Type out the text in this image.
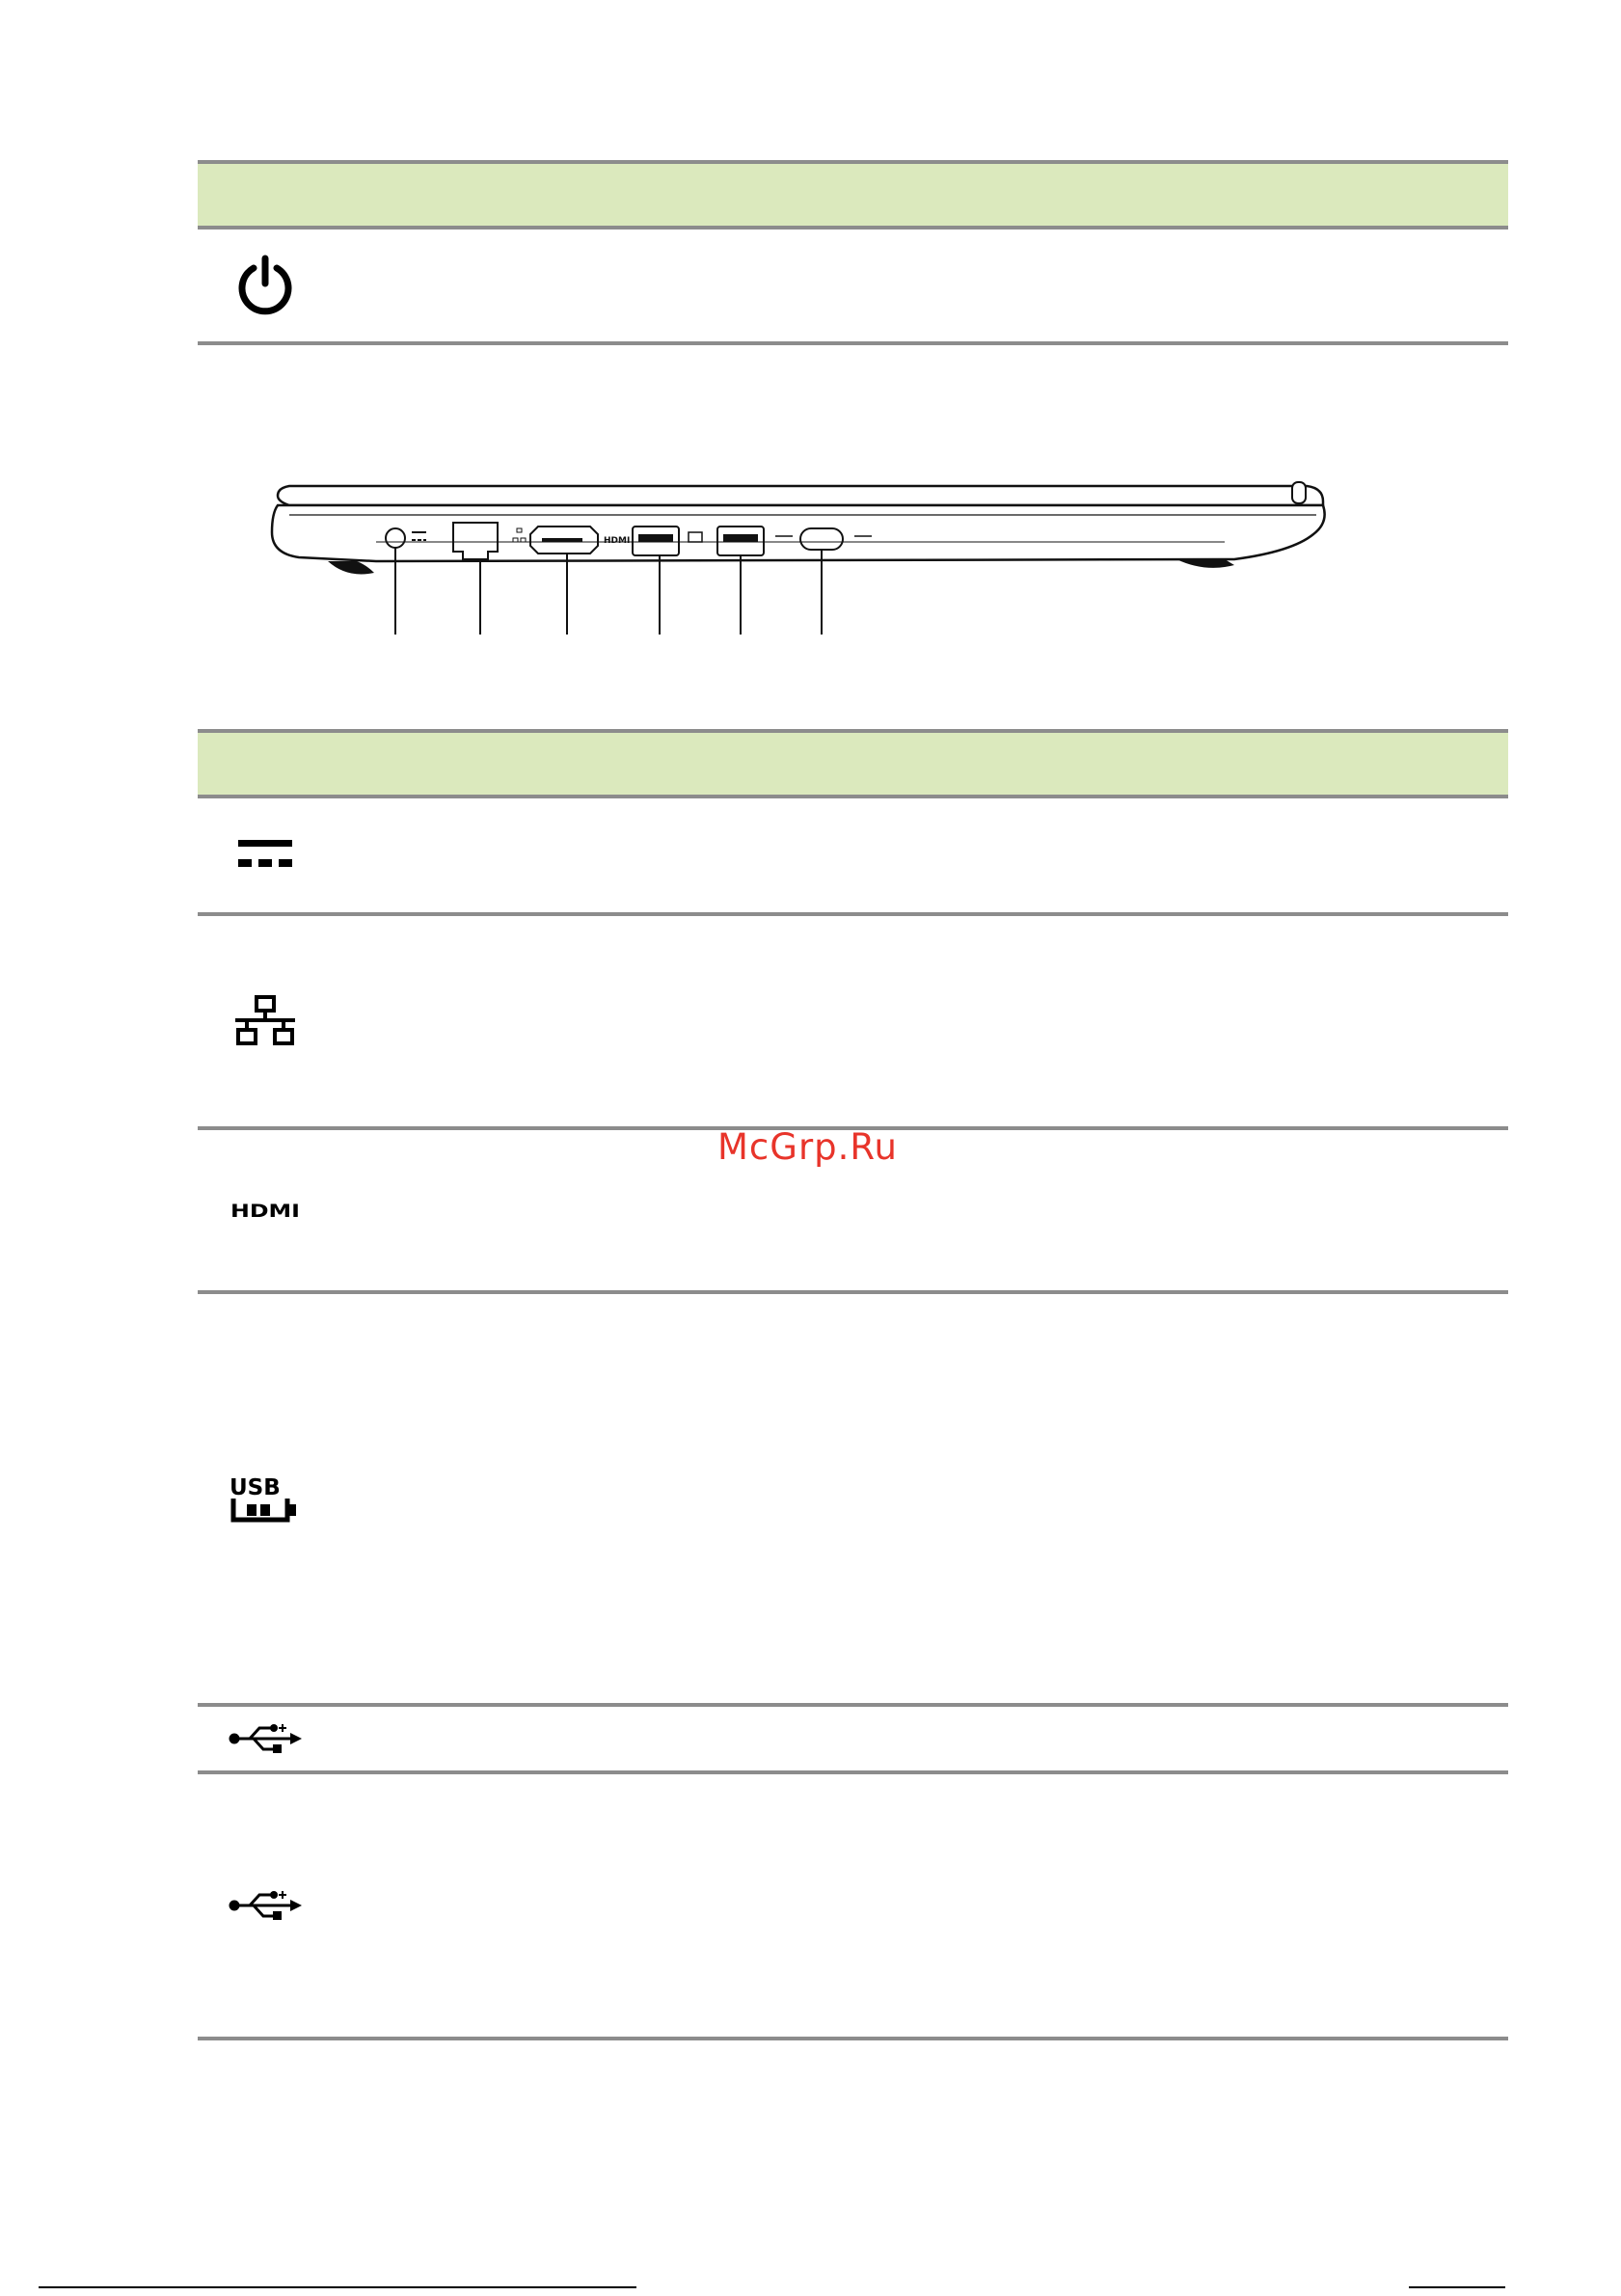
HDMI
HDMI
USB
McGrp.Ru
